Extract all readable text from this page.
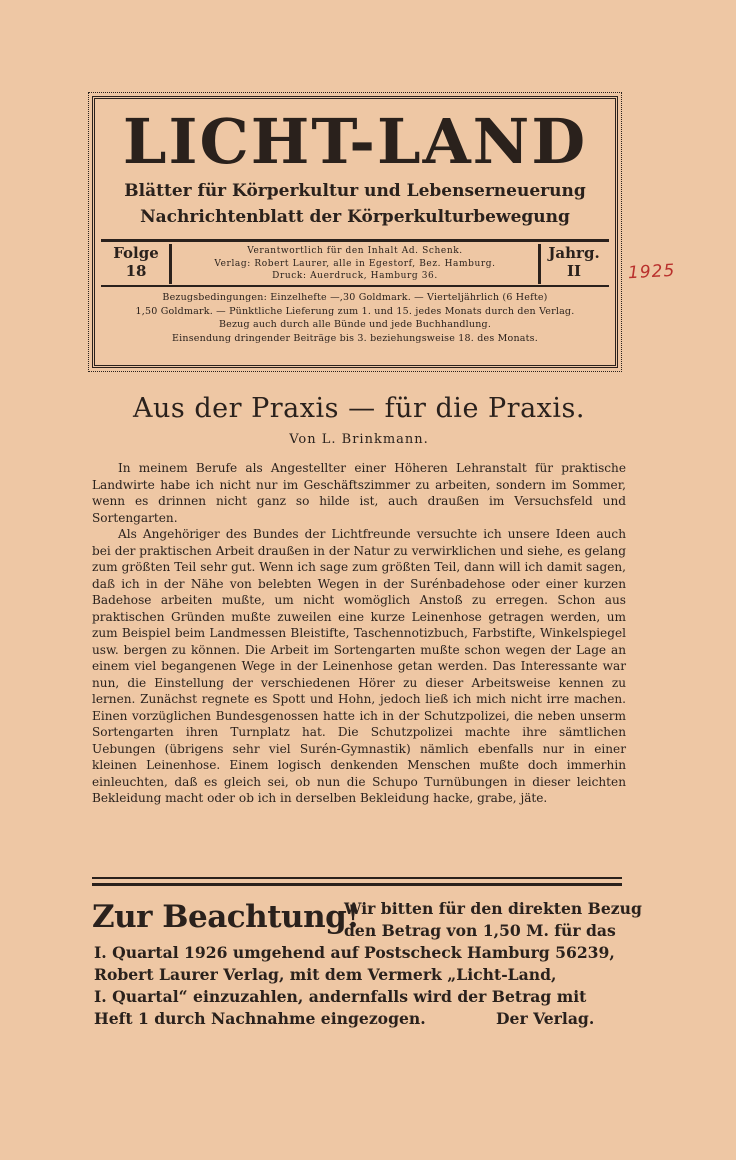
LICHT-LAND
Blätter für Körperkultur und Lebenserneuerung
Nachrichtenblatt der Körperkulturbewegung
Folge
18
Verantwortlich für den Inhalt Ad. Schenk.
Verlag: Robert Laurer, alle in Egestorf, Bez. Hamburg.
Druck: Auerdruck, Hamburg 36.
Jahrg.
II
Bezugsbedingungen: Einzelhefte —,30 Goldmark. — Vierteljährlich (6 Hefte)
1,50 Goldmark. — Pünktliche Lieferung zum 1. und 15. jedes Monats durch den Verlag.
Bezug auch durch alle Bünde und jede Buchhandlung.
Einsendung dringender Beiträge bis 3. beziehungsweise 18. des Monats.
1925
Aus der Praxis — für die Praxis.
Von L. Brinkmann.

In meinem Berufe als Angestellter einer Höheren Lehranstalt für praktische Landwirte habe ich nicht nur im Geschäftszimmer zu arbeiten, sondern im Sommer, wenn es drinnen nicht ganz so hilde ist, auch draußen im Versuchsfeld und Sortengarten.

Als Angehöriger des Bundes der Lichtfreunde versuchte ich unsere Ideen auch bei der praktischen Arbeit draußen in der Natur zu verwirklichen und siehe, es gelang zum größten Teil sehr gut. Wenn ich sage zum größten Teil, dann will ich damit sagen, daß ich in der Nähe von belebten Wegen in der Surénbadehose oder einer kurzen Badehose arbeiten mußte, um nicht womöglich Anstoß zu erregen. Schon aus praktischen Gründen mußte zuweilen eine kurze Leinenhose getragen werden, um zum Beispiel beim Landmessen Bleistifte, Taschennotizbuch, Farbstifte, Winkelspiegel usw. bergen zu können. Die Arbeit im Sortengarten mußte schon wegen der Lage an einem viel begangenen Wege in der Leinenhose getan werden. Das Interessante war nun, die Einstellung der verschiedenen Hörer zu dieser Arbeitsweise kennen zu lernen. Zunächst regnete es Spott und Hohn, jedoch ließ ich mich nicht irre machen. Einen vorzüglichen Bundesgenossen hatte ich in der Schutzpolizei, die neben unserm Sortengarten ihren Turnplatz hat. Die Schutzpolizei machte ihre sämtlichen Uebungen (übrigens sehr viel Surén-Gymnastik) nämlich ebenfalls nur in einer kleinen Leinenhose. Einem logisch denkenden Menschen mußte doch immerhin einleuchten, daß es gleich sei, ob nun die Schupo Turnübungen in dieser leichten Bekleidung macht oder ob ich in derselben Bekleidung hacke, grabe, jäte.

Zur Beachtung!
Wir bitten für den direkten Bezug
den Betrag von 1,50 M. für das
I. Quartal 1926 umgehend auf Postscheck Hamburg 56239,
Robert Laurer Verlag, mit dem Vermerk „Licht-Land,
I. Quartal“ einzuzahlen, andernfalls wird der Betrag mit
Heft 1 durch Nachnahme eingezogen.	Der Verlag.
